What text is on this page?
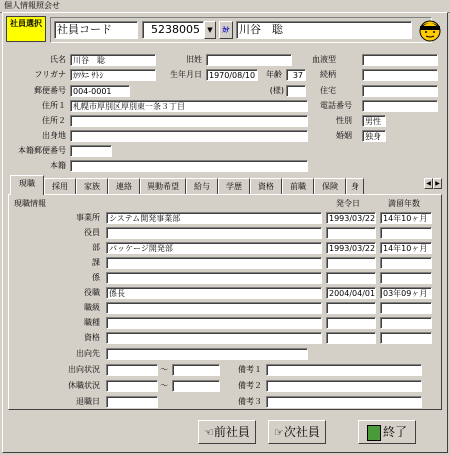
個人情報照会せ
社員選択	社員コード	5238005	▼	ｶﾅ 川谷　聡
氏名 川谷　聡	旧姓	血液型
フリガナ ｶﾜﾀﾆ ｻﾄｼ	生年月日 1970/08/10	年齢	37	続柄
郵便番号 004-0001	(様)	住宅
住所１ 札幌市厚別区厚別東一条３丁目	電話番号
住所２	性別	男性
出身地	婚姻	独身
本籍郵便番号
本籍
現職	採用	家族	連絡	異動希望	給与	学歴	資格	前職	保険	身	◀ ▶
現職情報	発令日	満留年数
事業所	システム開発事業部	1993/03/22 14年10ヶ月
役員
部	パッケージ開発部	1993/03/22 14年10ヶ月
課
係
役職	係長	2004/04/01 03年09ヶ月
職級
職種
資格
出向先
出向状況	～	備考１
休職状況	～	備考２
退職日	備考３
☜前社員	☞次社員	終了
